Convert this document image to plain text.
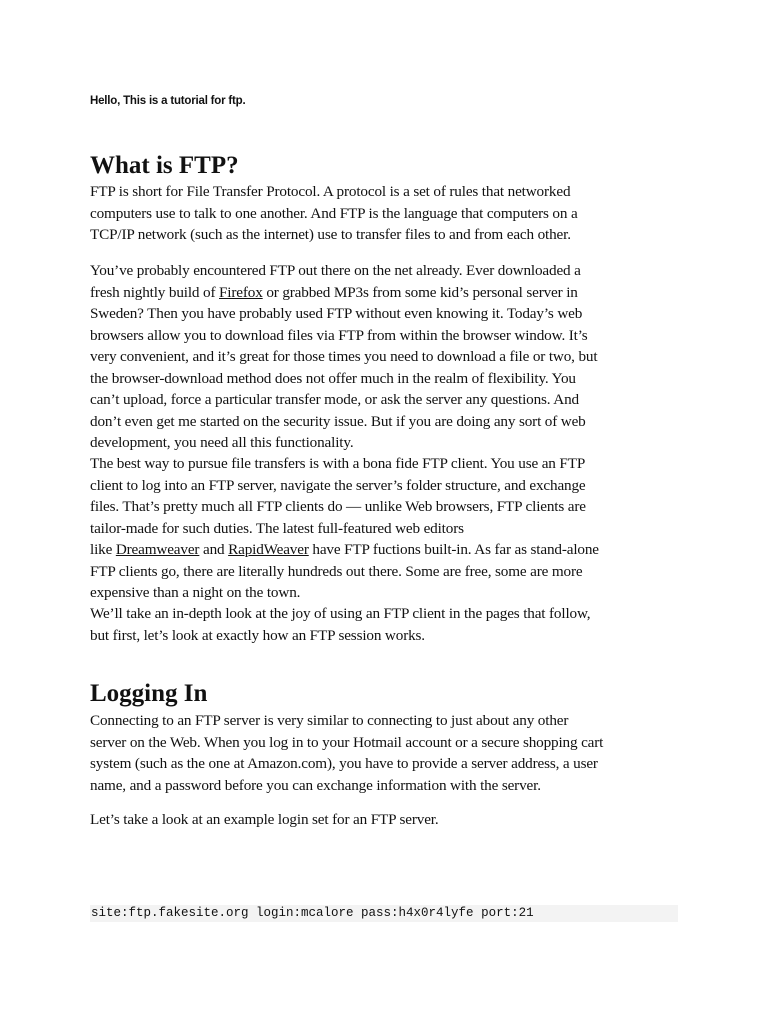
Hello, This is a tutorial for ftp.

What is FTP?

FTP is short for File Transfer Protocol. A protocol is a set of rules that networked
computers use to talk to one another. And FTP is the language that computers on a
TCP/IP network (such as the internet) use to transfer files to and from each other.

You’ve probably encountered FTP out there on the net already. Ever downloaded a
fresh nightly build of Firefox or grabbed MP3s from some kid’s personal server in
Sweden? Then you have probably used FTP without even knowing it. Today’s web
browsers allow you to download files via FTP from within the browser window. It’s
very convenient, and it’s great for those times you need to download a file or two, but
the browser-download method does not offer much in the realm of flexibility. You
can’t upload, force a particular transfer mode, or ask the server any questions. And
don’t even get me started on the security issue. But if you are doing any sort of web
development, you need all this functionality.

The best way to pursue file transfers is with a bona fide FTP client. You use an FTP
client to log into an FTP server, navigate the server’s folder structure, and exchange
files. That’s pretty much all FTP clients do — unlike Web browsers, FTP clients are
tailor-made for such duties. The latest full-featured web editors
like Dreamweaver and RapidWeaver have FTP fuctions built-in. As far as stand-alone
FTP clients go, there are literally hundreds out there. Some are free, some are more
expensive than a night on the town.

We’ll take an in-depth look at the joy of using an FTP client in the pages that follow,
but first, let’s look at exactly how an FTP session works.

Logging In

Connecting to an FTP server is very similar to connecting to just about any other
server on the Web. When you log in to your Hotmail account or a secure shopping cart
system (such as the one at Amazon.com), you have to provide a server address, a user
name, and a password before you can exchange information with the server.

Let’s take a look at an example login set for an FTP server.

site:ftp.fakesite.org login:mcalore pass:h4x0r4lyfe port:21
